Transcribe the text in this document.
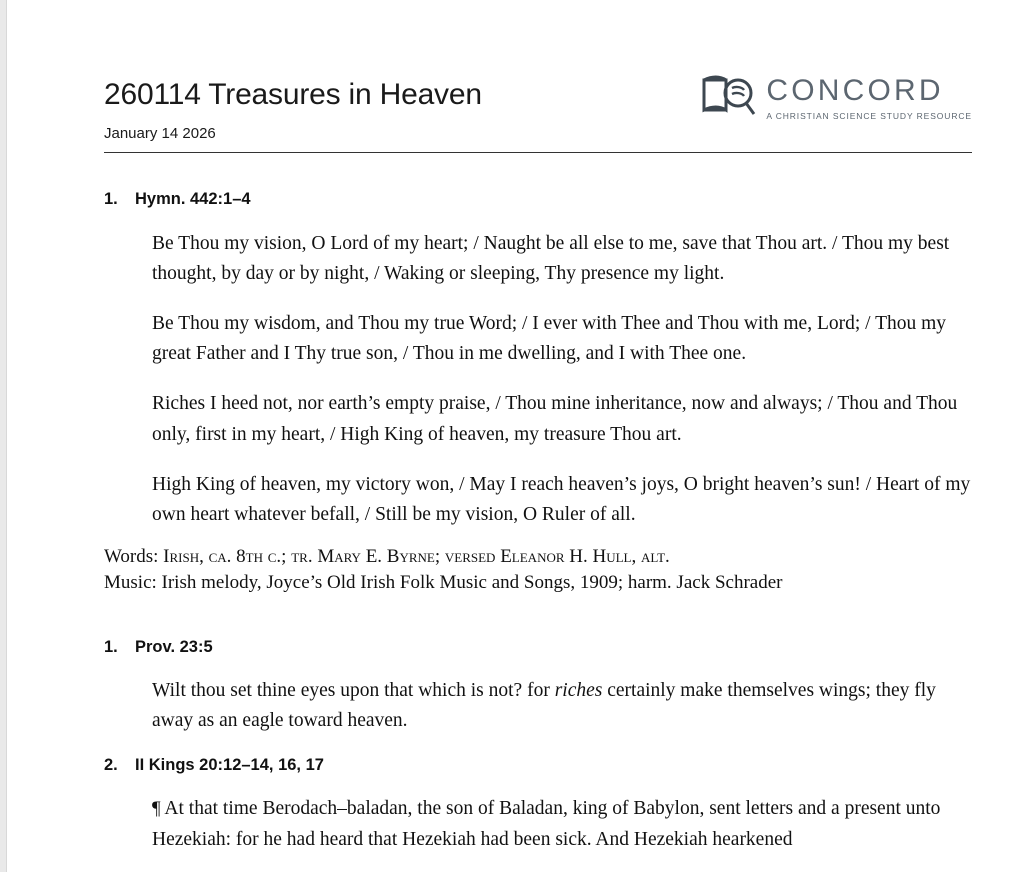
260114 Treasures in Heaven
January 14 2026
CONCORD
A CHRISTIAN SCIENCE STUDY RESOURCE
1.	Hymn. 442:1–4

Be Thou my vision, O Lord of my heart; / Naught be all else to me, save that Thou art. / Thou my best thought, by day or by night, / Waking or sleeping, Thy presence my light.

Be Thou my wisdom, and Thou my true Word; / I ever with Thee and Thou with me, Lord; / Thou my great Father and I Thy true son, / Thou in me dwelling, and I with Thee one.

Riches I heed not, nor earth’s empty praise, / Thou mine inheritance, now and always; / Thou and Thou only, first in my heart, / High King of heaven, my treasure Thou art.

High King of heaven, my victory won, / May I reach heaven’s joys, O bright heaven’s sun! / Heart of my own heart whatever befall, / Still be my vision, O Ruler of all.

Words: Irish, ca. 8th c.; tr. Mary E. Byrne; versed Eleanor H. Hull, alt.
Music: Irish melody, Joyce’s Old Irish Folk Music and Songs, 1909; harm. Jack Schrader
1.	Prov. 23:5

Wilt thou set thine eyes upon that which is not? for riches certainly make themselves wings; they fly away as an eagle toward heaven.

2.	II Kings 20:12–14, 16, 17

¶ At that time Berodach–baladan, the son of Baladan, king of Babylon, sent letters and a present unto Hezekiah: for he had heard that Hezekiah had been sick. And Hezekiah hearkened
